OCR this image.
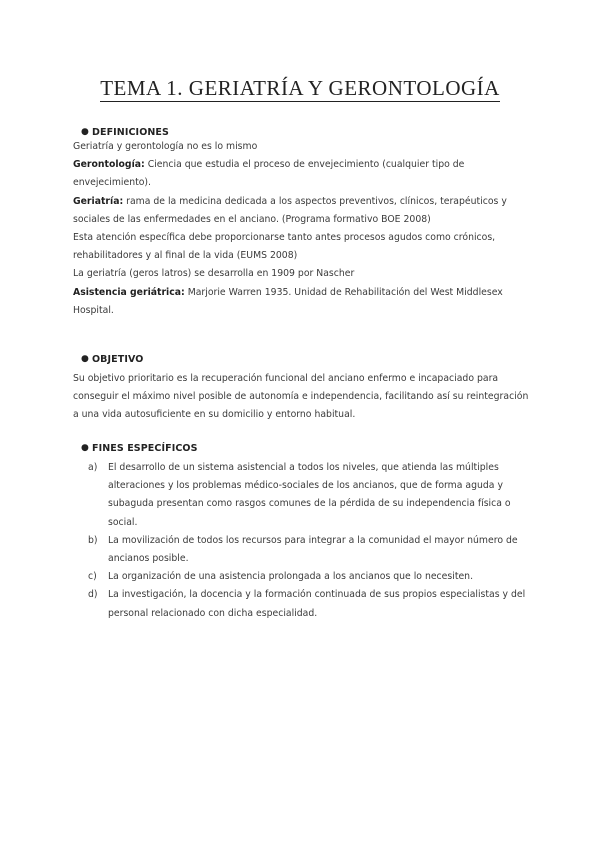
TEMA 1. GERIATRÍA Y GERONTOLOGÍA
● DEFINICIONES

Geriatría y gerontología no es lo mismo

Gerontología: Ciencia que estudia el proceso de envejecimiento (cualquier tipo de envejecimiento).

Geriatría: rama de la medicina dedicada a los aspectos preventivos, clínicos, terapéuticos y sociales de las enfermedades en el anciano. (Programa formativo BOE 2008)

Esta atención específica debe proporcionarse tanto antes procesos agudos como crónicos, rehabilitadores y al final de la vida (EUMS 2008)

La geriatría (geros latros) se desarrolla en 1909 por Nascher

Asistencia geriátrica: Marjorie Warren 1935. Unidad de Rehabilitación del West Middlesex Hospital.

● OBJETIVO

Su objetivo prioritario es la recuperación funcional del anciano enfermo e incapaciado para conseguir el máximo nivel posible de autonomía e independencia, facilitando así su reintegración a una vida autosuficiente en su domicilio y entorno habitual.

● FINES ESPECÍFICOS
a) El desarrollo de un sistema asistencial a todos los niveles, que atienda las múltiples alteraciones y los problemas médico-sociales de los ancianos, que de forma aguda y subaguda presentan como rasgos comunes de la pérdida de su independencia física o social.
b) La movilización de todos los recursos para integrar a la comunidad el mayor número de ancianos posible.
c) La organización de una asistencia prolongada a los ancianos que lo necesiten.
d) La investigación, la docencia y la formación continuada de sus propios especialistas y del personal relacionado con dicha especialidad.
